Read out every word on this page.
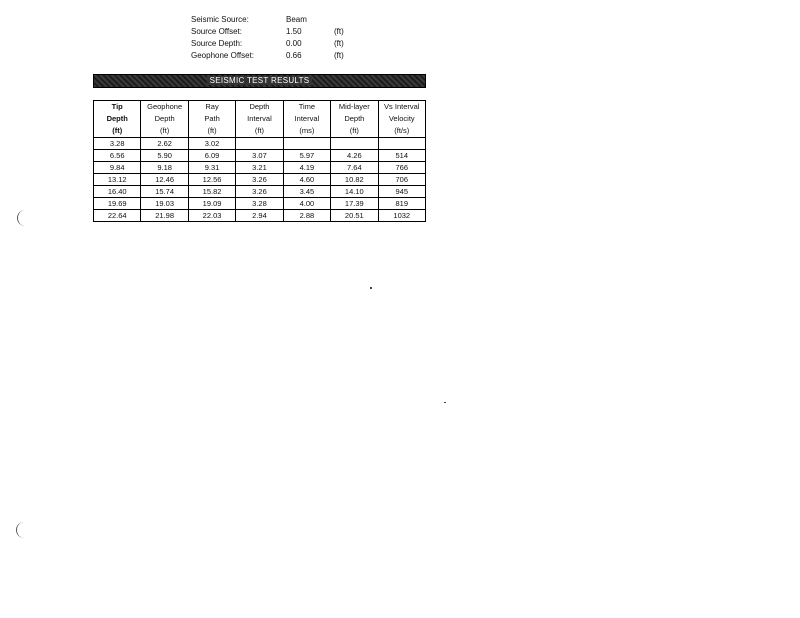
Seismic Source:	Beam
Source Offset:	1.50	(ft)
Source Depth:	0.00	(ft)
Geophone Offset:	0.66	(ft)
SEISMIC TEST RESULTS
Tip
Depth
(ft)	Geophone
Depth
(ft)	Ray
Path
(ft)	Depth
Interval
(ft)	Time
Interval
(ms)	Mid-layer
Depth
(ft)	Vs Interval
Velocity
(ft/s)

3.28	2.62	3.02				
6.56	5.90	6.09	3.07	5.97	4.26	514
9.84	9.18	9.31	3.21	4.19	7.64	766
13.12	12.46	12.56	3.26	4.60	10.82	706
16.40	15.74	15.82	3.26	3.45	14.10	945
19.69	19.03	19.09	3.28	4.00	17.39	819
22.64	21.98	22.03	2.94	2.88	20.51	1032
